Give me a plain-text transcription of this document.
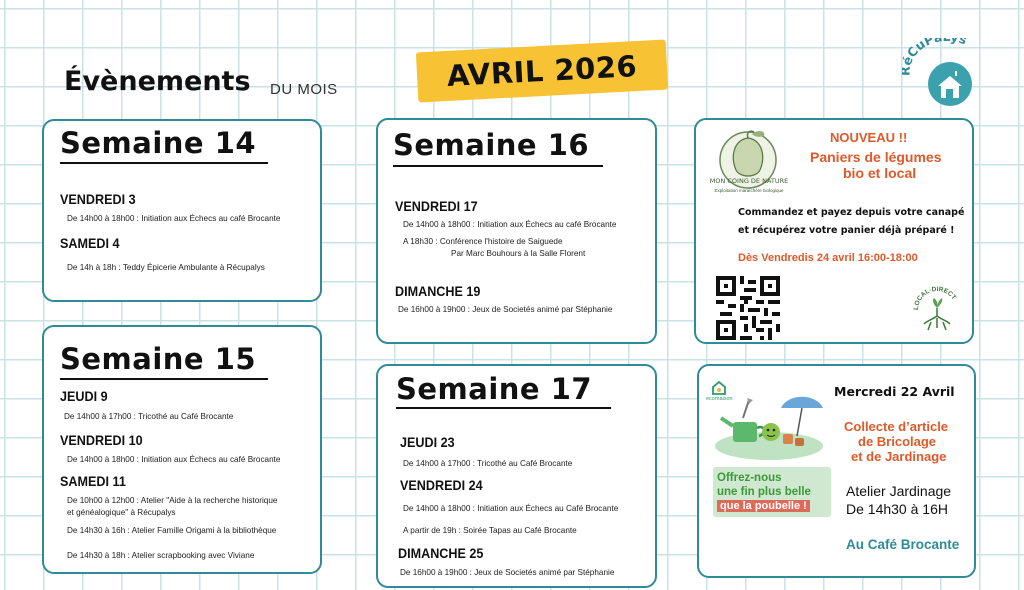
Évènements DU MOIS	AVRIL 2026	CuP s
Semaine 14
VENDREDI 3
De 14h00 à 18h00 : Initiation aux Échecs au café Brocante
SAMEDI 4
De 14h à 18h : Teddy Épicerie Ambulante à Récupalys
Semaine 15
JEUDI 9
De 14h00 à 17h00 : Tricothé au Café Brocante
VENDREDI 10
De 14h00 à 18h00 : Initiation aux Échecs au café Brocante
SAMEDI 11
De 10h00 à 12h00 : Atelier "Aide à la recherche historique
et généalogique" à Récupalys
De 14h30 à 16h : Atelier Famille Origami à la bibliothèque
De 14h30 à 18h : Atelier scrapbooking avec Viviane
Semaine 16
VENDREDI 17
De 14h00 à 18h00 : Initiation aux Échecs au café Brocante
A 18h30 : Conférence l'histoire de Saiguede
Par Marc Bouhours à la Salle Florent
DIMANCHE 19
De 16h00 à 19h00 : Jeux de Societés animé par Stéphanie
Semaine 17
JEUDI 23
De 14h00 à 17h00 : Tricothé au Café Brocante
VENDREDI 24
De 14h00 à 18h00 : Initiation aux Échecs au Café Brocante
A partir de 19h : Soirée Tapas au Café Brocante
DIMANCHE 25
De 16h00 à 19h00 : Jeux de Societés animé par Stéphanie
MON COING DE NATURE
Exploitation maraîchère biologique
NOUVEAU !!
Paniers de légumes
bio et local
Commandez et payez depuis votre canapé
et récupérez votre panier déjà préparé !
Dès Vendredis 24 avril 16:00-18:00
LOCAL·DIRECT
ecomaison
Offrez-nous
une fin plus belle
que la poubelle !
Mercredi 22 Avril
Collecte d’article
de Bricolage
et de Jardinage
Atelier Jardinage
De 14h30 à 16H
Au Café Brocante
